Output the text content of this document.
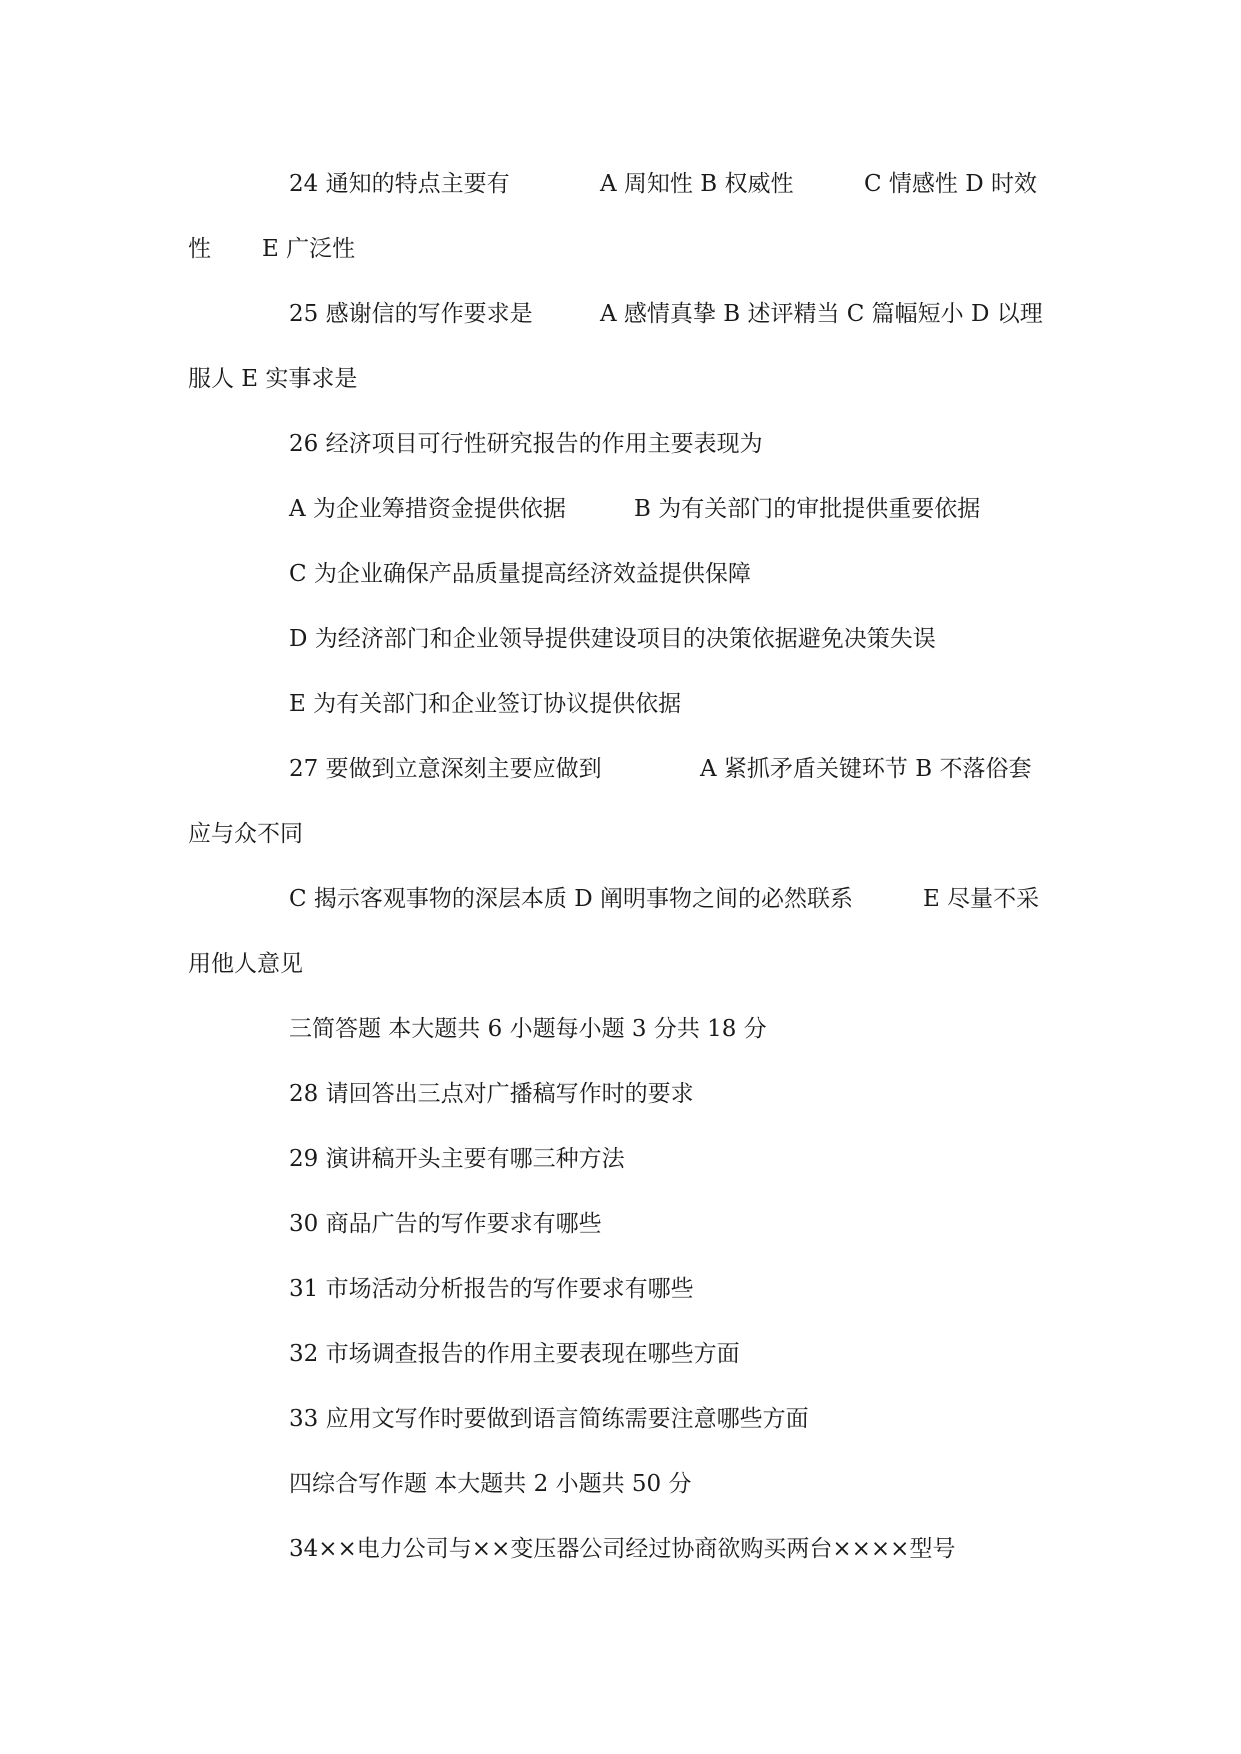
24 通知的特点主要有

	A 周知性 B 权威性

	C 情感性 D 时效

性

E 广泛性

25 感谢信的写作要求是

	A 感情真挚 B 述评精当 C 篇幅短小 D 以理

服人 E 实事求是

26 经济项目可行性研究报告的作用主要表现为

A 为企业筹措资金提供依据

	B 为有关部门的审批提供重要依据

C 为企业确保产品质量提高经济效益提供保障

D 为经济部门和企业领导提供建设项目的决策依据避免决策失误

E 为有关部门和企业签订协议提供依据

27 要做到立意深刻主要应做到

	A 紧抓矛盾关键环节 B 不落俗套

应与众不同

C 揭示客观事物的深层本质 D 阐明事物之间的必然联系

	E 尽量不采

用他人意见

三简答题 本大题共 6 小题每小题 3 分共 18 分

28 请回答出三点对广播稿写作时的要求

29 演讲稿开头主要有哪三种方法

30 商品广告的写作要求有哪些

31 市场活动分析报告的写作要求有哪些

32 市场调查报告的作用主要表现在哪些方面

33 应用文写作时要做到语言简练需要注意哪些方面

四综合写作题 本大题共 2 小题共 50 分

34××电力公司与××变压器公司经过协商欲购买两台××××型号
